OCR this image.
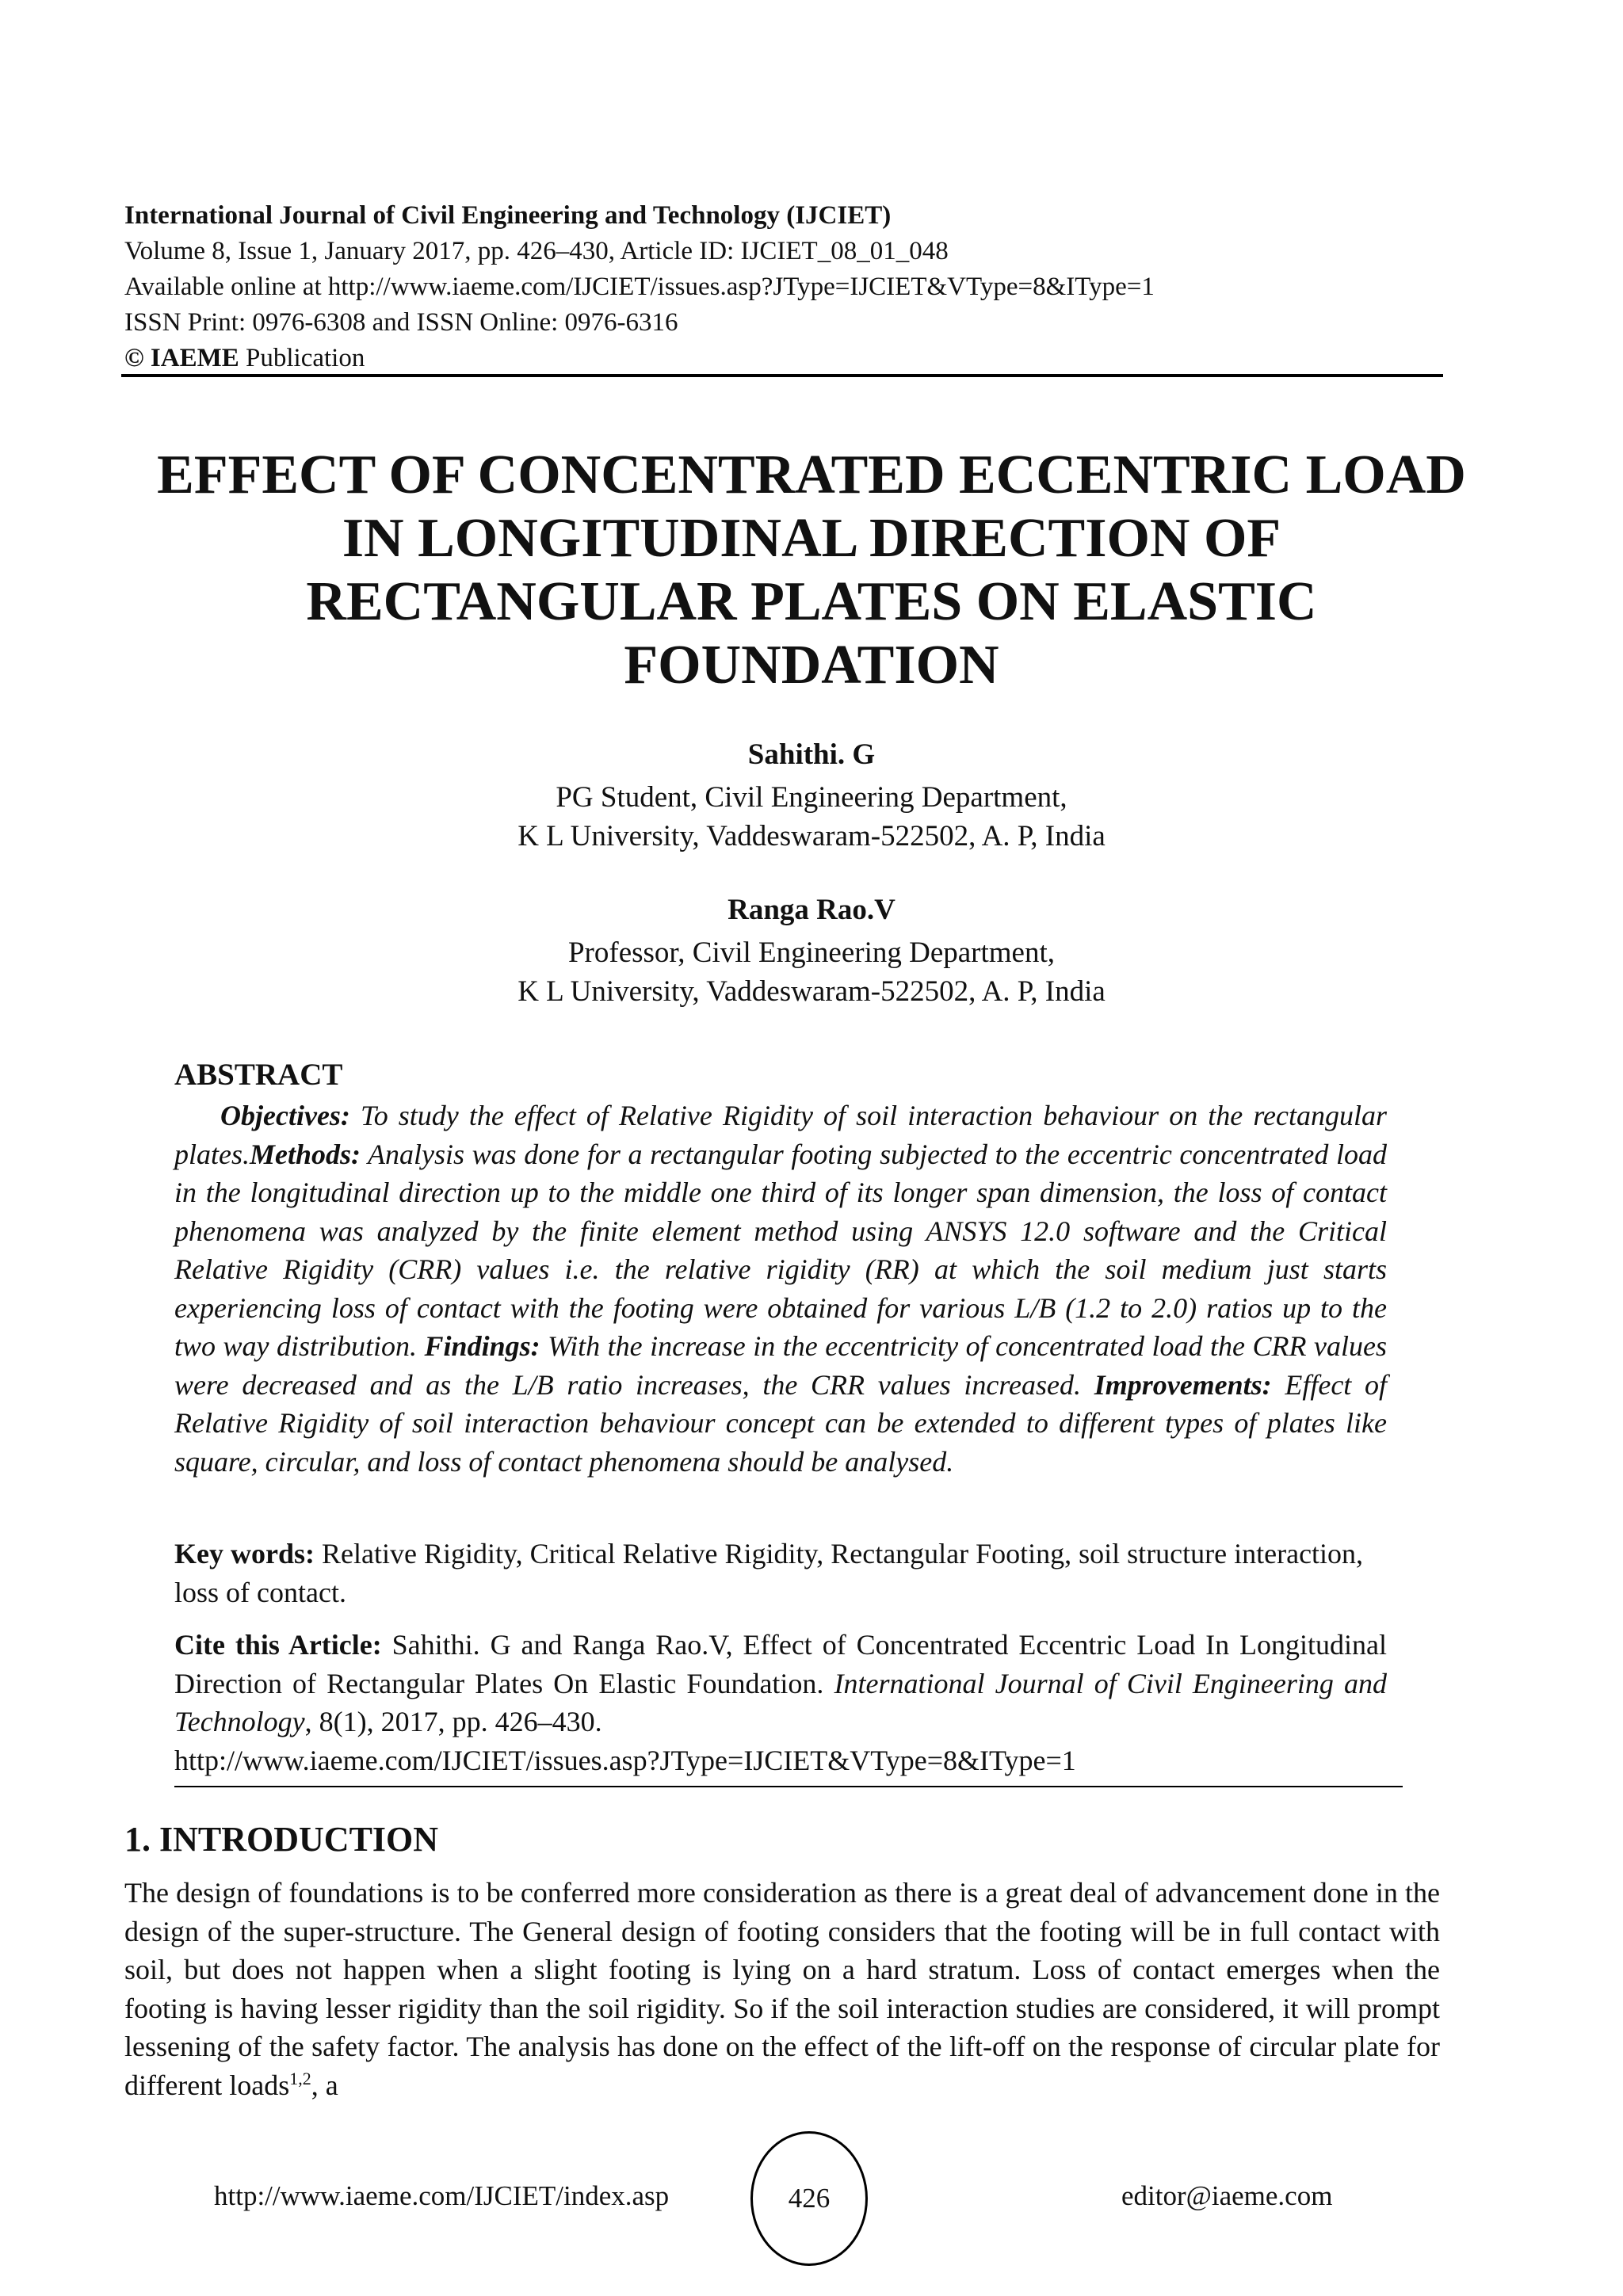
International Journal of Civil Engineering and Technology (IJCIET)
Volume 8, Issue 1, January 2017, pp. 426–430, Article ID: IJCIET_08_01_048
Available online at http://www.iaeme.com/IJCIET/issues.asp?JType=IJCIET&VType=8&IType=1
ISSN Print: 0976-6308 and ISSN Online: 0976-6316
© IAEME Publication
EFFECT OF CONCENTRATED ECCENTRIC LOAD
IN LONGITUDINAL DIRECTION OF
RECTANGULAR PLATES ON ELASTIC
FOUNDATION
Sahithi. G
PG Student, Civil Engineering Department,
K L University, Vaddeswaram-522502, A. P, India
Ranga Rao.V
Professor, Civil Engineering Department,
K L University, Vaddeswaram-522502, A. P, India
ABSTRACT
Objectives: To study the effect of Relative Rigidity of soil interaction behaviour on the rectangular plates.Methods: Analysis was done for a rectangular footing subjected to the eccentric concentrated load in the longitudinal direction up to the middle one third of its longer span dimension, the loss of contact phenomena was analyzed by the finite element method using ANSYS 12.0 software and the Critical Relative Rigidity (CRR) values i.e. the relative rigidity (RR) at which the soil medium just starts experiencing loss of contact with the footing were obtained for various L/B (1.2 to 2.0) ratios up to the two way distribution. Findings: With the increase in the eccentricity of concentrated load the CRR values were decreased and as the L/B ratio increases, the CRR values increased. Improvements: Effect of Relative Rigidity of soil interaction behaviour concept can be extended to different types of plates like square, circular, and loss of contact phenomena should be analysed.
Key words: Relative Rigidity, Critical Relative Rigidity, Rectangular Footing, soil structure interaction, loss of contact.
Cite this Article: Sahithi. G and Ranga Rao.V, Effect of Concentrated Eccentric Load In Longitudinal Direction of Rectangular Plates On Elastic Foundation. International Journal of Civil Engineering and Technology, 8(1), 2017, pp. 426–430.
http://www.iaeme.com/IJCIET/issues.asp?JType=IJCIET&VType=8&IType=1
1. INTRODUCTION
The design of foundations is to be conferred more consideration as there is a great deal of advancement done in the design of the super-structure. The General design of footing considers that the footing will be in full contact with soil, but does not happen when a slight footing is lying on a hard stratum. Loss of contact emerges when the footing is having lesser rigidity than the soil rigidity. So if the soil interaction studies are considered, it will prompt lessening of the safety factor. The analysis has done on the effect of the lift-off on the response of circular plate for different loads$^{1,2}$, a
http://www.iaeme.com/IJCIET/index.asp	426	editor@iaeme.com
